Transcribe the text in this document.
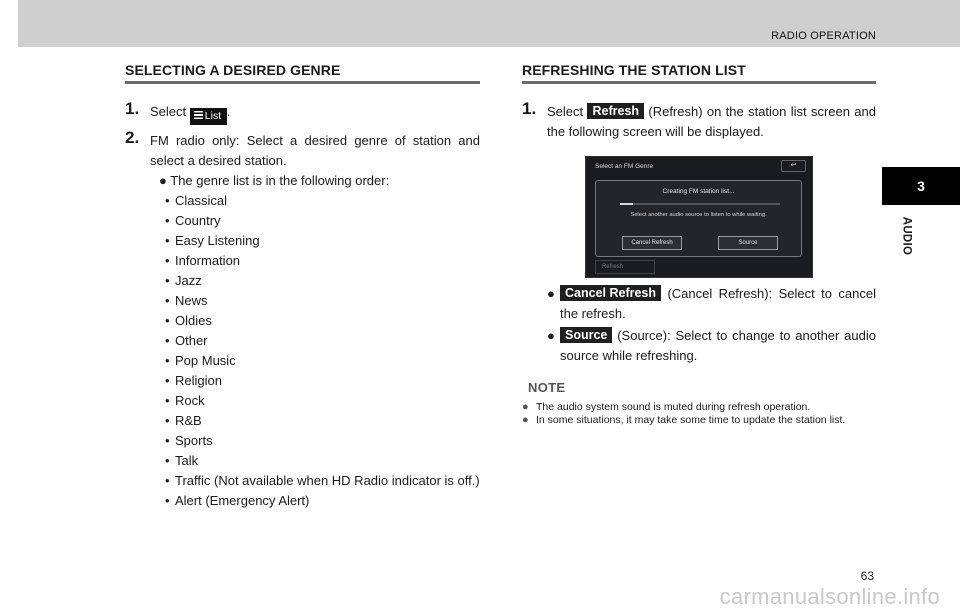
RADIO OPERATION
3
AUDIO
SELECTING A DESIRED GENRE
1. Select List .
2. FM radio only: Select a desired genre of station and select a desired station.
● The genre list is in the following order:
• Classical
• Country
• Easy Listening
• Information
• Jazz
• News
• Oldies
• Other
• Pop Music
• Religion
• Rock
• R&B
• Sports
• Talk
• Traffic (Not available when HD Radio indicator is off.)
• Alert (Emergency Alert)
REFRESHING THE STATION LIST
1. Select Refresh (Refresh) on the station list screen and the following screen will be displayed.
Select an FM Genre	↩
Creating FM station list...
Select another audio source to listen to while waiting.
Cancel Refresh	Source
Refresh
● Cancel Refresh (Cancel Refresh): Select to cancel the refresh.
● Source (Source): Select to change to another audio source while refreshing.
NOTE
● The audio system sound is muted during refresh operation.
● In some situations, it may take some time to update the station list.
63
carmanualsonline.info
